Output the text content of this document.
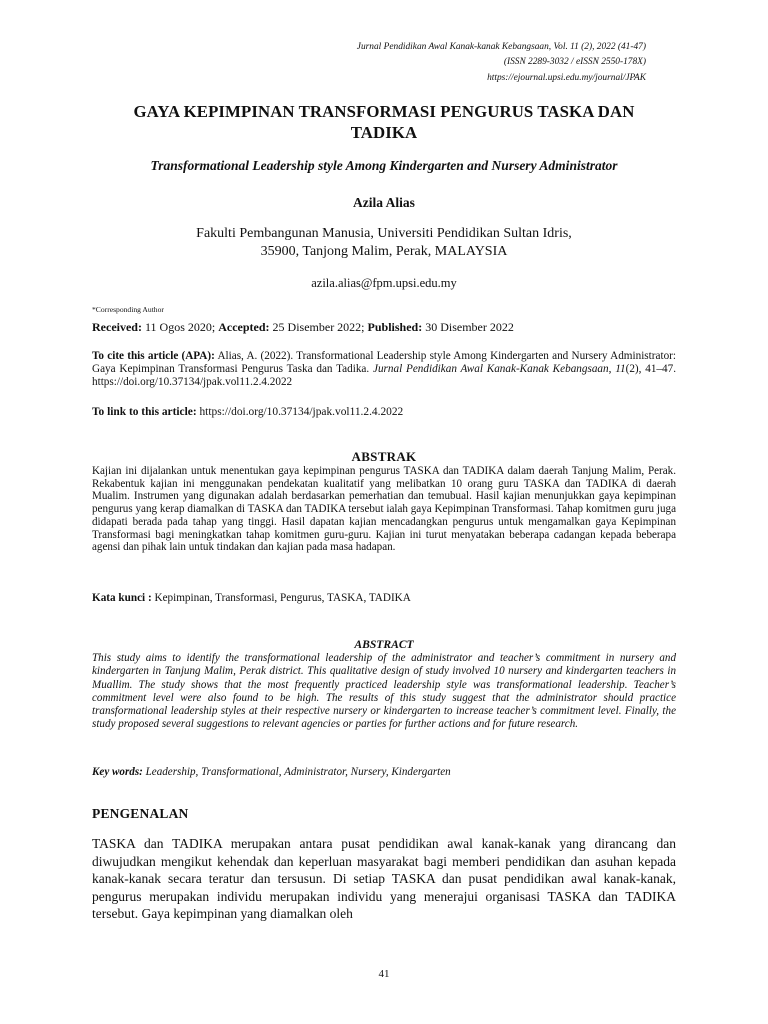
Jurnal Pendidikan Awal Kanak-kanak Kebangsaan, Vol. 11 (2), 2022 (41-47)
(ISSN 2289-3032 / eISSN 2550-178X)
https://ejournal.upsi.edu.my/journal/JPAK
GAYA KEPIMPINAN TRANSFORMASI PENGURUS TASKA DAN
TADIKA
Transformational Leadership style Among Kindergarten and Nursery Administrator
Azila Alias
Fakulti Pembangunan Manusia, Universiti Pendidikan Sultan Idris,
35900, Tanjong Malim, Perak, MALAYSIA
azila.alias@fpm.upsi.edu.my
*Corresponding Author
Received: 11 Ogos 2020; Accepted: 25 Disember 2022; Published: 30 Disember 2022

To cite this article (APA): Alias, A. (2022). Transformational Leadership style Among Kindergarten and Nursery Administrator: Gaya Kepimpinan Transformasi Pengurus Taska dan Tadika. Jurnal Pendidikan Awal Kanak-Kanak Kebangsaan, 11(2), 41–47. https://doi.org/10.37134/jpak.vol11.2.4.2022

To link to this article: https://doi.org/10.37134/jpak.vol11.2.4.2022
ABSTRAK

Kajian ini dijalankan untuk menentukan gaya kepimpinan pengurus TASKA dan TADIKA dalam daerah Tanjung Malim, Perak. Rekabentuk kajian ini menggunakan pendekatan kualitatif yang melibatkan 10 orang guru TASKA dan TADIKA di daerah Mualim. Instrumen yang digunakan adalah berdasarkan pemerhatian dan temubual. Hasil kajian menunjukkan gaya kepimpinan pengurus yang kerap diamalkan di TASKA dan TADIKA tersebut ialah gaya Kepimpinan Transformasi. Tahap komitmen guru juga didapati berada pada tahap yang tinggi. Hasil dapatan kajian mencadangkan pengurus untuk mengamalkan gaya Kepimpinan Transformasi bagi meningkatkan tahap komitmen guru-guru. Kajian ini turut menyatakan beberapa cadangan kepada beberapa agensi dan pihak lain untuk tindakan dan kajian pada masa hadapan.

Kata kunci : Kepimpinan, Transformasi, Pengurus, TASKA, TADIKA
ABSTRACT

This study aims to identify the transformational leadership of the administrator and teacher’s commitment in nursery and kindergarten in Tanjung Malim, Perak district. This qualitative design of study involved 10 nursery and kindergarten teachers in Muallim. The study shows that the most frequently practiced leadership style was transformational leadership. Teacher’s commitment level were also found to be high. The results of this study suggest that the administrator should practice transformational leadership styles at their respective nursery or kindergarten to increase teacher’s commitment level. Finally, the study proposed several suggestions to relevant agencies or parties for further actions and for future research.

Key words: Leadership, Transformational, Administrator, Nursery, Kindergarten
PENGENALAN

TASKA dan TADIKA merupakan antara pusat pendidikan awal kanak-kanak yang dirancang dan diwujudkan mengikut kehendak dan keperluan masyarakat bagi memberi pendidikan dan asuhan kepada kanak-kanak secara teratur dan tersusun. Di setiap TASKA dan pusat pendidikan awal kanak-kanak, pengurus merupakan individu merupakan individu yang menerajui organisasi TASKA dan TADIKA tersebut. Gaya kepimpinan yang diamalkan oleh

41
